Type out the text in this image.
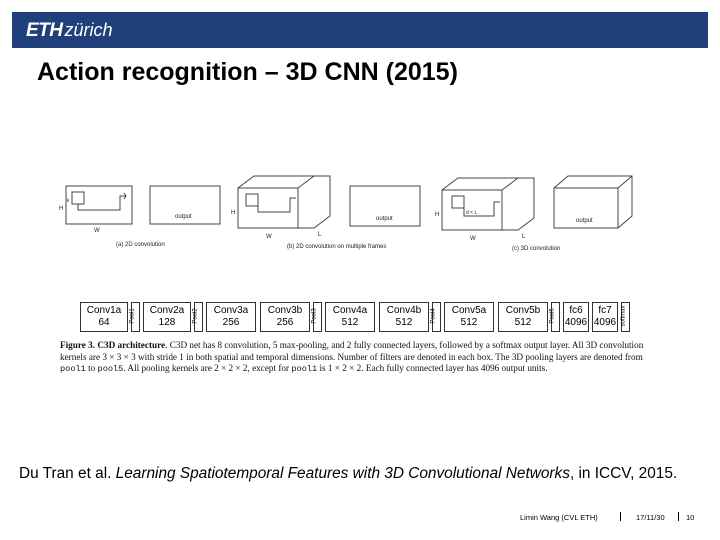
ETH zürich
Action recognition – 3D CNN (2015)
H
W
k
output
(a) 2D convolution
H
W	L
output
(b) 2D convolution on multiple frames
H
W	L
d < L
output
(c) 3D convolution
Conv1a
64	Pool1	Conv2a
128	Pool2	Conv3a
256
Conv3b
256	Pool3	Conv4a
512
Conv4b
512	Pool4	Conv5a
512
Conv5b
512	Pool5	fc6
4096
fc7
4096 softmax
Figure 3. C3D architecture. C3D net has 8 convolution, 5 max-pooling, and 2 fully connected layers, followed by a softmax output layer. All 3D convolution kernels are 3 × 3 × 3 with stride 1 in both spatial and temporal dimensions. Number of filters are denoted in each box. The 3D pooling layers are denoted from pool1 to pool5. All pooling kernels are 2 × 2 × 2, except for pool1 is 1 × 2 × 2. Each fully connected layer has 4096 output units.
Du Tran et al. Learning Spatiotemporal Features with 3D Convolutional Networks, in ICCV, 2015.
Limin Wang (CVL ETH)	17/11/30	10
